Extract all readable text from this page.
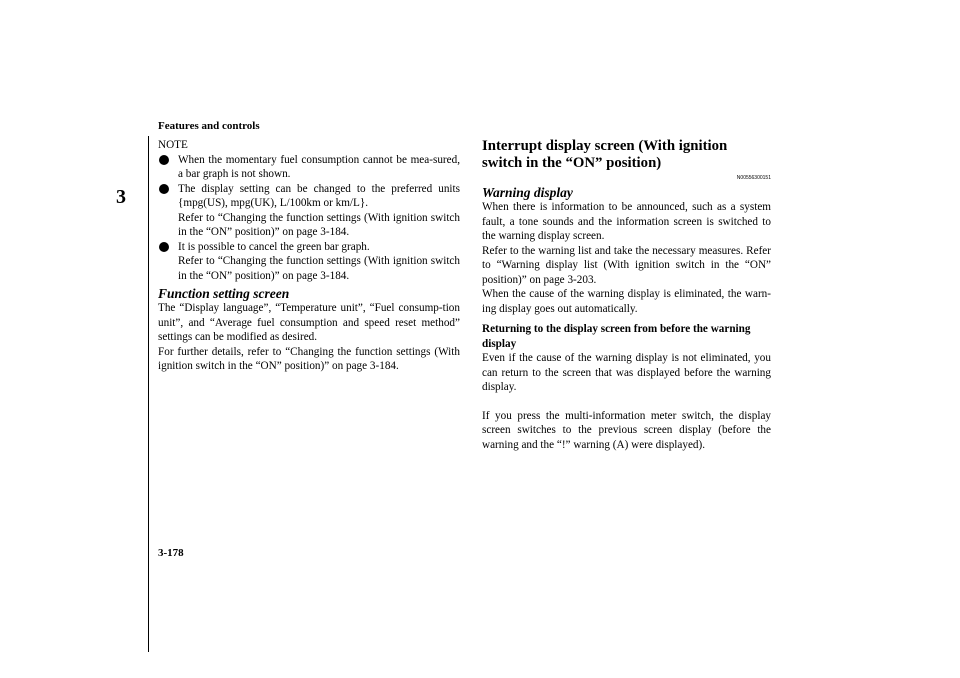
Features and controls
3

NOTE

When the momentary fuel consumption cannot be mea-sured, a bar graph is not shown.
The display setting can be changed to the preferred units {mpg(US), mpg(UK), L/100km or km/L}.
Refer to “Changing the function settings (With ignition switch in the “ON” position)” on page 3-184.
It is possible to cancel the green bar graph.
Refer to “Changing the function settings (With ignition switch in the “ON” position)” on page 3-184.

Function setting screen

The “Display language”, “Temperature unit”, “Fuel consump-tion unit”, and “Average fuel consumption and speed reset method” settings can be modified as desired.

For further details, refer to “Changing the function settings (With ignition switch in the “ON” position)” on page 3-184.

Interrupt display screen (With ignition switch in the “ON” position)

N00556300151

Warning display

When there is information to be announced, such as a system fault, a tone sounds and the information screen is switched to the warning display screen.

Refer to the warning list and take the necessary measures. Refer to “Warning display list (With ignition switch in the “ON” position)” on page 3-203.

When the cause of the warning display is eliminated, the warn-ing display goes out automatically.

Returning to the display screen from before the warning display

Even if the cause of the warning display is not eliminated, you can return to the screen that was displayed before the warning display.

If you press the multi-information meter switch, the display screen switches to the previous screen display (before the warning and the “!” warning (A) were displayed).

3-178
